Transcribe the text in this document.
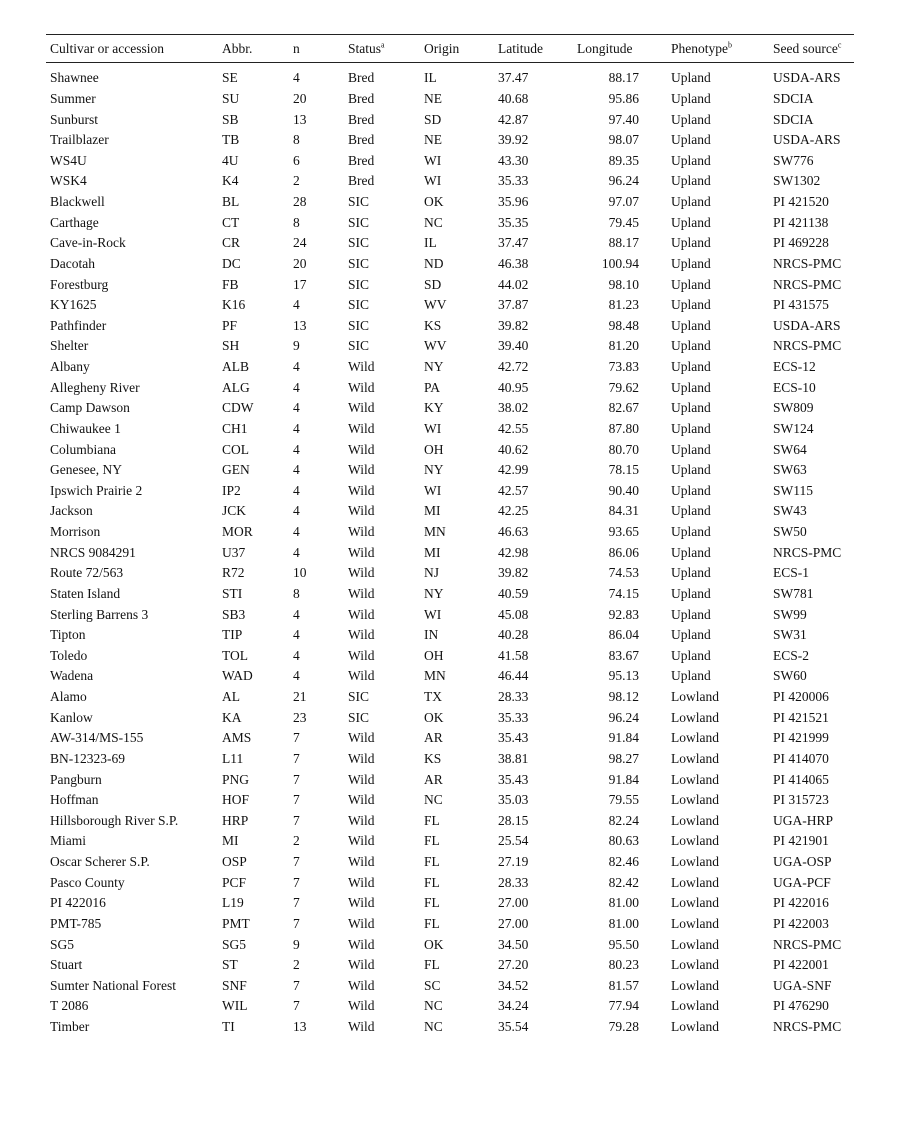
Cultivar or accession	Abbr.	n	Status$^a$	Origin	Latitude	Longitude	Phenotype$^b$	Seed source$^c$

Shawnee	SE	4	Bred	IL	37.47	88.17	Upland	USDA-ARS
Summer	SU	20	Bred	NE	40.68	95.86	Upland	SDCIA
Sunburst	SB	13	Bred	SD	42.87	97.40	Upland	SDCIA
Trailblazer	TB	8	Bred	NE	39.92	98.07	Upland	USDA-ARS
WS4U	4U	6	Bred	WI	43.30	89.35	Upland	SW776
WSK4	K4	2	Bred	WI	35.33	96.24	Upland	SW1302
Blackwell	BL	28	SIC	OK	35.96	97.07	Upland	PI 421520
Carthage	CT	8	SIC	NC	35.35	79.45	Upland	PI 421138
Cave-in-Rock	CR	24	SIC	IL	37.47	88.17	Upland	PI 469228
Dacotah	DC	20	SIC	ND	46.38	100.94	Upland	NRCS-PMC
Forestburg	FB	17	SIC	SD	44.02	98.10	Upland	NRCS-PMC
KY1625	K16	4	SIC	WV	37.87	81.23	Upland	PI 431575
Pathfinder	PF	13	SIC	KS	39.82	98.48	Upland	USDA-ARS
Shelter	SH	9	SIC	WV	39.40	81.20	Upland	NRCS-PMC
Albany	ALB	4	Wild	NY	42.72	73.83	Upland	ECS-12
Allegheny River	ALG	4	Wild	PA	40.95	79.62	Upland	ECS-10
Camp Dawson	CDW	4	Wild	KY	38.02	82.67	Upland	SW809
Chiwaukee 1	CH1	4	Wild	WI	42.55	87.80	Upland	SW124
Columbiana	COL	4	Wild	OH	40.62	80.70	Upland	SW64
Genesee, NY	GEN	4	Wild	NY	42.99	78.15	Upland	SW63
Ipswich Prairie 2	IP2	4	Wild	WI	42.57	90.40	Upland	SW115
Jackson	JCK	4	Wild	MI	42.25	84.31	Upland	SW43
Morrison	MOR	4	Wild	MN	46.63	93.65	Upland	SW50
NRCS 9084291	U37	4	Wild	MI	42.98	86.06	Upland	NRCS-PMC
Route 72/563	R72	10	Wild	NJ	39.82	74.53	Upland	ECS-1
Staten Island	STI	8	Wild	NY	40.59	74.15	Upland	SW781
Sterling Barrens 3	SB3	4	Wild	WI	45.08	92.83	Upland	SW99
Tipton	TIP	4	Wild	IN	40.28	86.04	Upland	SW31
Toledo	TOL	4	Wild	OH	41.58	83.67	Upland	ECS-2
Wadena	WAD	4	Wild	MN	46.44	95.13	Upland	SW60
Alamo	AL	21	SIC	TX	28.33	98.12	Lowland	PI 420006
Kanlow	KA	23	SIC	OK	35.33	96.24	Lowland	PI 421521
AW-314/MS-155	AMS	7	Wild	AR	35.43	91.84	Lowland	PI 421999
BN-12323-69	L11	7	Wild	KS	38.81	98.27	Lowland	PI 414070
Pangburn	PNG	7	Wild	AR	35.43	91.84	Lowland	PI 414065
Hoffman	HOF	7	Wild	NC	35.03	79.55	Lowland	PI 315723
Hillsborough River S.P.	HRP	7	Wild	FL	28.15	82.24	Lowland	UGA-HRP
Miami	MI	2	Wild	FL	25.54	80.63	Lowland	PI 421901
Oscar Scherer S.P.	OSP	7	Wild	FL	27.19	82.46	Lowland	UGA-OSP
Pasco County	PCF	7	Wild	FL	28.33	82.42	Lowland	UGA-PCF
PI 422016	L19	7	Wild	FL	27.00	81.00	Lowland	PI 422016
PMT-785	PMT	7	Wild	FL	27.00	81.00	Lowland	PI 422003
SG5	SG5	9	Wild	OK	34.50	95.50	Lowland	NRCS-PMC
Stuart	ST	2	Wild	FL	27.20	80.23	Lowland	PI 422001
Sumter National Forest	SNF	7	Wild	SC	34.52	81.57	Lowland	UGA-SNF
T 2086	WIL	7	Wild	NC	34.24	77.94	Lowland	PI 476290
Timber	TI	13	Wild	NC	35.54	79.28	Lowland	NRCS-PMC
